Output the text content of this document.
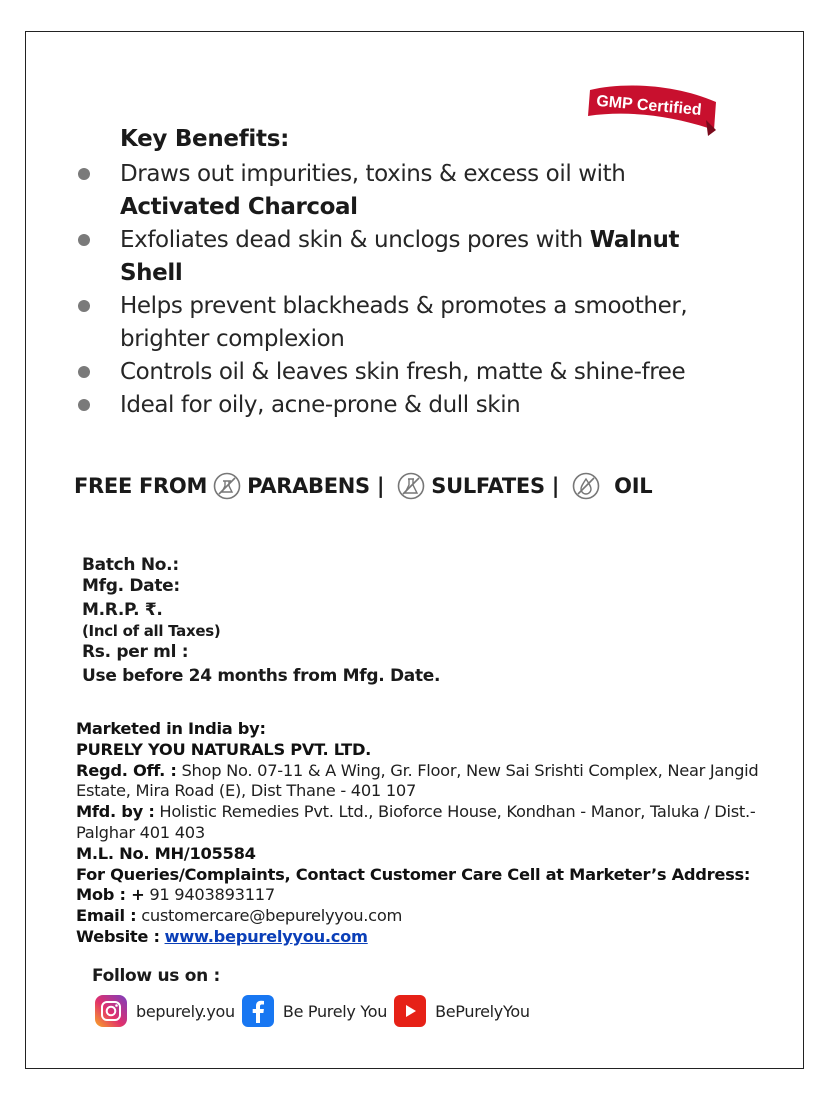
GMP Certified
Key Benefits:
Draws out impurities, toxins & excess oil with
Activated Charcoal
Exfoliates dead skin & unclogs pores with Walnut Shell
Helps prevent blackheads & promotes a smoother, brighter complexion
Controls oil & leaves skin fresh, matte & shine-free
Ideal for oily, acne-prone & dull skin
FREE FROM PARABENS | SULFATES |	OIL
Batch No.:
Mfg. Date:
M.R.P. ₹.
(Incl of all Taxes)
Rs. per ml :
Use before 24 months from Mfg. Date.
Marketed in India by:
PURELY YOU NATURALS PVT. LTD.
Regd. Off. : Shop No. 07-11 & A Wing, Gr. Floor, New Sai Srishti Complex, Near Jangid Estate, Mira Road (E), Dist Thane - 401 107
Mfd. by : Holistic Remedies Pvt. Ltd., Bioforce House, Kondhan - Manor, Taluka / Dist.- Palghar 401 403
M.L. No. MH/105584
For Queries/Complaints, Contact Customer Care Cell at Marketer’s Address:
Mob : + 91 9403893117
Email : customercare@bepurelyyou.com
Website : www.bepurelyyou.com
Follow us on :
bepurely.you	Be Purely You	BePurelyYou
